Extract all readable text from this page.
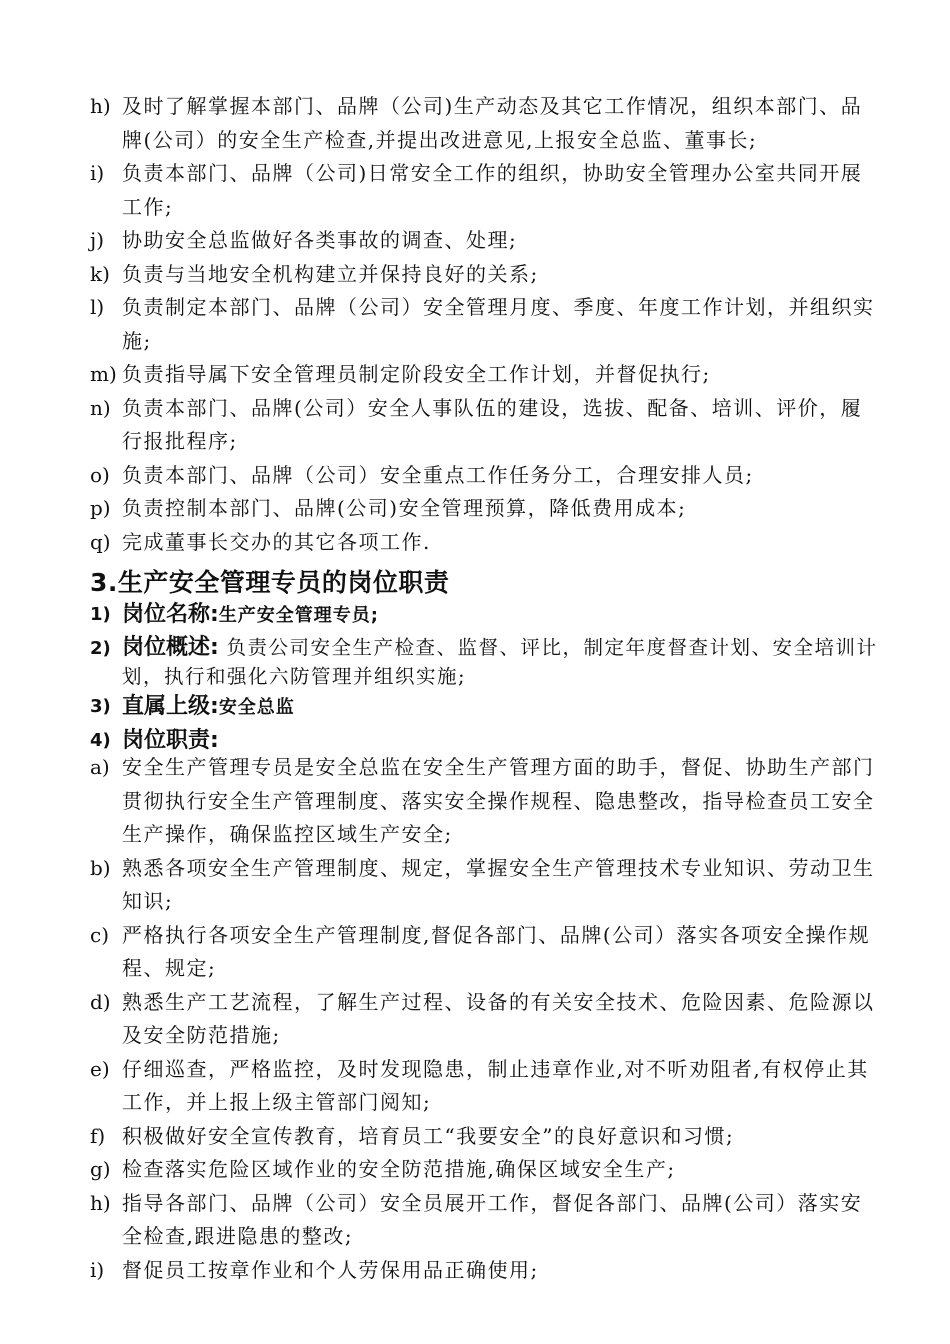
h) 及时了解掌握本部门、品牌（公司)生产动态及其它工作情况，组织本部门、品牌(公司）的安全生产检查,并提出改进意见,上报安全总监、董事长;
i) 负责本部门、品牌（公司)日常安全工作的组织，协助安全管理办公室共同开展工作;
j) 协助安全总监做好各类事故的调查、处理;
k) 负责与当地安全机构建立并保持良好的关系;
l) 负责制定本部门、品牌（公司）安全管理月度、季度、年度工作计划，并组织实施;
m) 负责指导属下安全管理员制定阶段安全工作计划，并督促执行;
n) 负责本部门、品牌(公司）安全人事队伍的建设，选拔、配备、培训、评价，履行报批程序;
o) 负责本部门、品牌（公司）安全重点工作任务分工，合理安排人员;
p) 负责控制本部门、品牌(公司)安全管理预算，降低费用成本;
q) 完成董事长交办的其它各项工作.
3.生产安全管理专员的岗位职责
1) 岗位名称:生产安全管理专员;
2) 岗位概述: 负责公司安全生产检查、监督、评比，制定年度督查计划、安全培训计划，执行和强化六防管理并组织实施;
3) 直属上级:安全总监
4) 岗位职责:
a) 安全生产管理专员是安全总监在安全生产管理方面的助手，督促、协助生产部门贯彻执行安全生产管理制度、落实安全操作规程、隐患整改，指导检查员工安全生产操作，确保监控区域生产安全;
b) 熟悉各项安全生产管理制度、规定，掌握安全生产管理技术专业知识、劳动卫生知识;
c) 严格执行各项安全生产管理制度,督促各部门、品牌(公司）落实各项安全操作规程、规定;
d) 熟悉生产工艺流程，了解生产过程、设备的有关安全技术、危险因素、危险源以及安全防范措施;
e) 仔细巡查，严格监控，及时发现隐患，制止违章作业,对不听劝阻者,有权停止其工作，并上报上级主管部门阅知;
f) 积极做好安全宣传教育，培育员工“我要安全”的良好意识和习惯;
g) 检查落实危险区域作业的安全防范措施,确保区域安全生产;
h) 指导各部门、品牌（公司）安全员展开工作，督促各部门、品牌(公司）落实安全检查,跟进隐患的整改;
i) 督促员工按章作业和个人劳保用品正确使用;
